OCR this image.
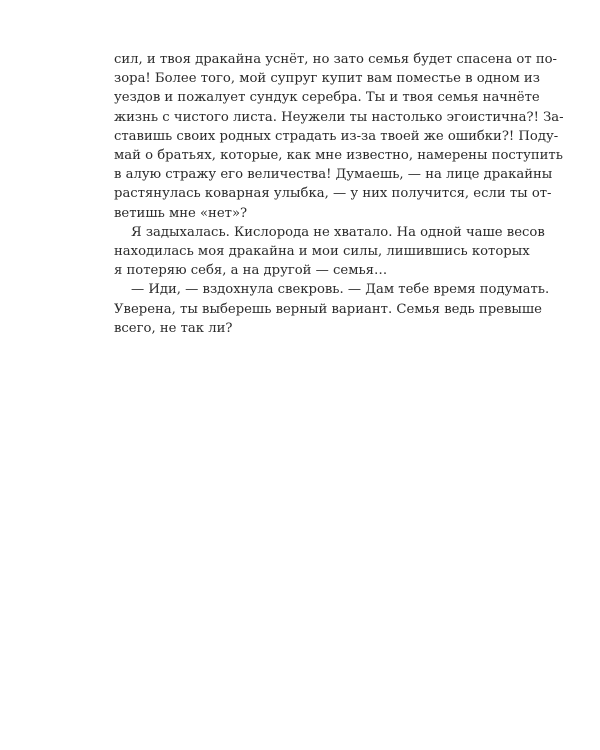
сил, и твоя дракайна уснёт, но зато семья будет спасена от по-
зора! Более того, мой супруг купит вам поместье в одном из
уездов и пожалует сундук серебра. Ты и твоя семья начнёте
жизнь с чистого листа. Неужели ты настолько эгоистична?! За-
ставишь своих родных страдать из-за твоей же ошибки?! Поду-
май о братьях, которые, как мне известно, намерены поступить
в алую стражу его величества! Думаешь, — на лице дракайны
растянулась коварная улыбка, — у них получится, если ты от-
ветишь мне «нет»?

Я задыхалась. Кислорода не хватало. На одной чаше весов
находилась моя дракайна и мои силы, лишившись которых
я потеряю себя, а на другой — семья…

— Иди, — вздохнула свекровь. — Дам тебе время подумать.
Уверена, ты выберешь верный вариант. Семья ведь превыше
всего, не так ли?
